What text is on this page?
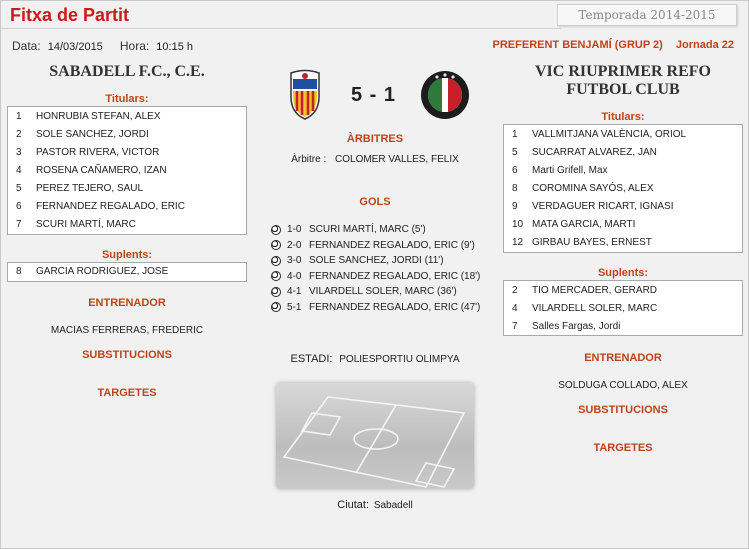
Fitxa de Partit	Temporada 2014-2015
Data: 14/03/2015 Hora: 10:15 h	PREFERENT BENJAMÍ (GRUP 2) Jornada 22
SABADELL F.C., C.E.
Titulars:
1	HONRUBIA STEFAN, ALEX
2	SOLE SANCHEZ, JORDI
3	PASTOR RIVERA, VICTOR
4	ROSENA CAÑAMERO, IZAN
5	PEREZ TEJERO, SAUL
6	FERNANDEZ REGALADO, ERIC
7	SCURI MARTÍ, MARC
Suplents:
8	GARCIA RODRIGUEZ, JOSE
ENTRENADOR
MACIAS FERRERAS, FREDERIC
SUBSTITUCIONS
TARGETES
5 - 1
ÀRBITRES
Àrbitre : COLOMER VALLES, FELIX
GOLS
1-0 SCURI MARTÍ, MARC (5')
2-0 FERNANDEZ REGALADO, ERIC (9')
3-0 SOLE SANCHEZ, JORDI (11')
4-0 FERNANDEZ REGALADO, ERIC (18')
4-1 VILARDELL SOLER, MARC (36')
5-1 FERNANDEZ REGALADO, ERIC (47')
ESTADI: POLIESPORTIU OLIMPYA
Ciutat: Sabadell
VIC RIUPRIMER REFO
FUTBOL CLUB
Titulars:
1	VALLMITJANA VALÈNCIA, ORIOL
5	SUCARRAT ALVAREZ, JAN
6	Marti Grifell, Max
8	COROMINA SAYÓS, ALEX
9	VERDAGUER RICART, IGNASI
10 MATA GARCIA, MARTI
12 GIRBAU BAYES, ERNEST
Suplents:
2	TIO MERCADER, GERARD
4	VILARDELL SOLER, MARC
7	Salles Fargas, Jordi
ENTRENADOR
SOLDUGA COLLADO, ALEX
SUBSTITUCIONS
TARGETES
